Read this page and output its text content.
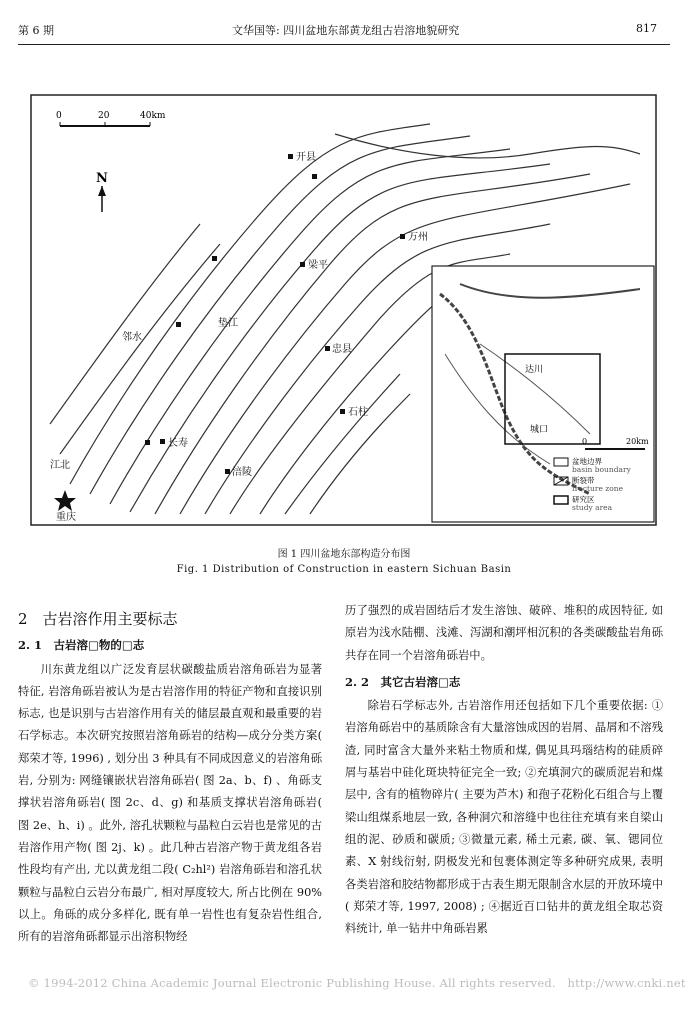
第 6 期	文华国等: 四川盆地东部黄龙组古岩溶地貌研究	817
0	20	40km
N
开县
万州
梁平
邻水
垫江
忠县
长寿
石柱
涪陵
江北
重庆
达川
城口
0	20km
盆地边界
basin boundary
断裂带
fracture zone
研究区
study area
图 1 四川盆地东部构造分布图
Fig. 1 Distribution of Construction in eastern Sichuan Basin
2　古岩溶作用主要标志
2. 1　古岩溶□物的□志

川东黄龙组以广泛发育层状碳酸盐质岩溶角砾岩为显著特征, 岩溶角砾岩被认为是古岩溶作用的特征产物和直接识别标志, 也是识别与古岩溶作用有关的储层最直观和最重要的岩石学标志。本次研究按照岩溶角砾岩的结构—成分分类方案( 郑荣才等, 1996) , 划分出 3 种具有不同成因意义的岩溶角砾岩, 分别为: 网缝镶嵌状岩溶角砾岩( 图 2a、b、f) 、角砾支撑状岩溶角砾岩( 图 2c、d、g) 和基质支撑状岩溶角砾岩( 图 2e、h、i) 。此外, 溶孔状颗粒与晶粒白云岩也是常见的古岩溶作用产物( 图 2j、k) 。此几种古岩溶产物于黄龙组各岩性段均有产出, 尤以黄龙组二段( C₂hl²) 岩溶角砾岩和溶孔状颗粒与晶粒白云岩分布最广, 相对厚度较大, 所占比例在 90% 以上。角砾的成分多样化, 既有单一岩性也有复杂岩性组合, 所有的岩溶角砾都显示出溶积物经

历了强烈的成岩固结后才发生溶蚀、破碎、堆积的成因特征, 如原岩为浅水陆棚、浅滩、泻湖和潮坪相沉积的各类碳酸盐岩角砾共存在同一个岩溶角砾岩中。

2. 2　其它古岩溶□志

除岩石学标志外, 古岩溶作用还包括如下几个重要依据: ①岩溶角砾岩中的基质除含有大量溶蚀成因的岩屑、晶屑和不溶残渣, 同时富含大量外来粘土物质和煤, 偶见具玛瑙结构的硅质碎屑与基岩中硅化斑块特征完全一致; ②充填洞穴的碳质泥岩和煤层中, 含有的植物碎片( 主要为芦木) 和孢子花粉化石组合与上覆梁山组煤系地层一致, 各种洞穴和溶缝中也往往充填有来自梁山组的泥、砂质和碳质; ③微量元素, 稀土元素, 碳、氧、锶同位素、X 射线衍射, 阴极发光和包裹体测定等多种研究成果, 表明各类岩溶和胶结物都形成于古表生期无限制含水层的开放环境中( 郑荣才等, 1997, 2008) ; ④据近百口钻井的黄龙组全取芯资料统计, 单一钻井中角砾岩累

© 1994-2012 China Academic Journal Electronic Publishing House. All rights reserved.　http://www.cnki.net
